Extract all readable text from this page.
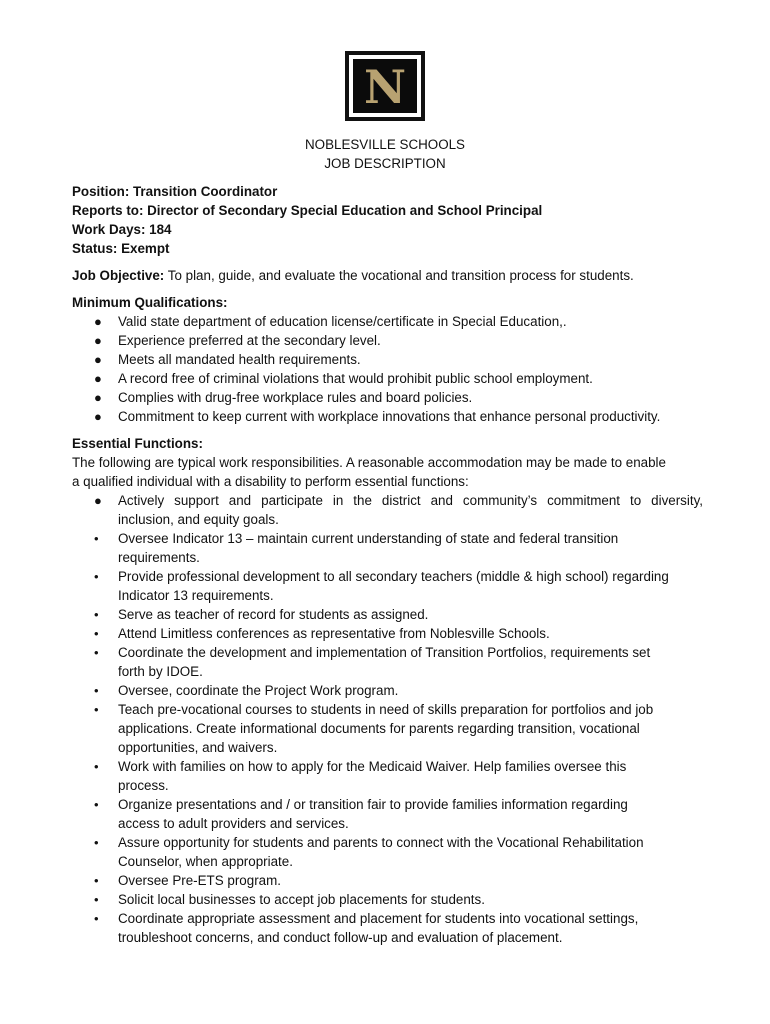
N
NOBLESVILLE SCHOOLS
JOB DESCRIPTION
Position: Transition Coordinator
Reports to: Director of Secondary Special Education and School Principal
Work Days: 184
Status: Exempt
Job Objective: To plan, guide, and evaluate the vocational and transition process for students.
Minimum Qualifications:
● Valid state department of education license/certificate in Special Education,.
● Experience preferred at the secondary level.
● Meets all mandated health requirements.
● A record free of criminal violations that would prohibit public school employment.
● Complies with drug-free workplace rules and board policies.
● Commitment to keep current with workplace innovations that enhance personal productivity.
Essential Functions:
The following are typical work responsibilities. A reasonable accommodation may be made to enable
a qualified individual with a disability to perform essential functions:
● Actively support and participate in the district and community’s commitment to diversity,
inclusion, and equity goals.
• Oversee Indicator 13 – maintain current understanding of state and federal transition
requirements.
• Provide professional development to all secondary teachers (middle & high school) regarding
Indicator 13 requirements.
• Serve as teacher of record for students as assigned.
• Attend Limitless conferences as representative from Noblesville Schools.
• Coordinate the development and implementation of Transition Portfolios, requirements set
forth by IDOE.
• Oversee, coordinate the Project Work program.
• Teach pre-vocational courses to students in need of skills preparation for portfolios and job
applications. Create informational documents for parents regarding transition, vocational
opportunities, and waivers.
• Work with families on how to apply for the Medicaid Waiver. Help families oversee this
process.
• Organize presentations and / or transition fair to provide families information regarding
access to adult providers and services.
• Assure opportunity for students and parents to connect with the Vocational Rehabilitation
Counselor, when appropriate.
• Oversee Pre-ETS program.
• Solicit local businesses to accept job placements for students.
• Coordinate appropriate assessment and placement for students into vocational settings,
troubleshoot concerns, and conduct follow-up and evaluation of placement.
